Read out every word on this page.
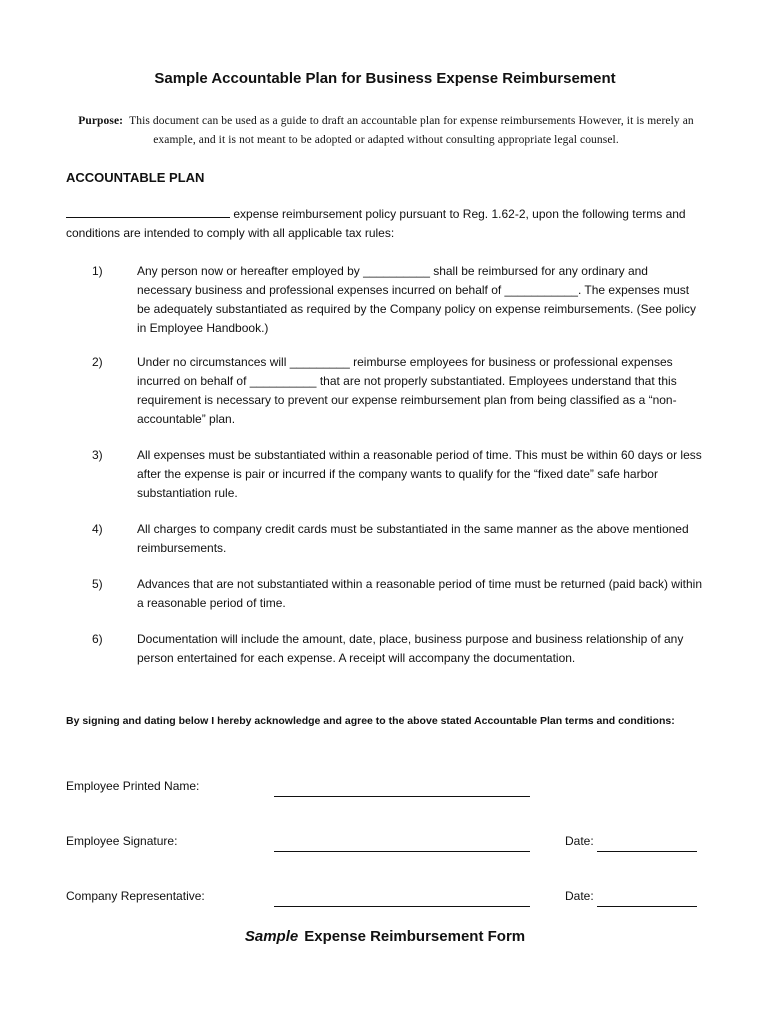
Sample Accountable Plan for Business Expense Reimbursement
Purpose: This document can be used as a guide to draft an accountable plan for expense reimbursements However, it is merely an example, and it is not meant to be adopted or adapted without consulting appropriate legal counsel.
ACCOUNTABLE PLAN
expense reimbursement policy pursuant to Reg. 1.62-2, upon the following terms and conditions are intended to comply with all applicable tax rules:
1)	Any person now or hereafter employed by __________ shall be reimbursed for any ordinary and necessary business and professional expenses incurred on behalf of ___________. The expenses must be adequately substantiated as required by the Company policy on expense reimbursements. (See policy in Employee Handbook.)
2)	Under no circumstances will _________ reimburse employees for business or professional expenses incurred on behalf of __________ that are not properly substantiated. Employees understand that this requirement is necessary to prevent our expense reimbursement plan from being classified as a “non-accountable” plan.
3)	All expenses must be substantiated within a reasonable period of time. This must be within 60 days or less after the expense is pair or incurred if the company wants to qualify for the “fixed date” safe harbor substantiation rule.
4)	All charges to company credit cards must be substantiated in the same manner as the above mentioned reimbursements.
5)	Advances that are not substantiated within a reasonable period of time must be returned (paid back) within a reasonable period of time.
6)	Documentation will include the amount, date, place, business purpose and business relationship of any person entertained for each expense. A receipt will accompany the documentation.
By signing and dating below I hereby acknowledge and agree to the above stated Accountable Plan terms and conditions:
Employee Printed Name:
Employee Signature:	Date:
Company Representative:	Date:
Sample Expense Reimbursement Form
